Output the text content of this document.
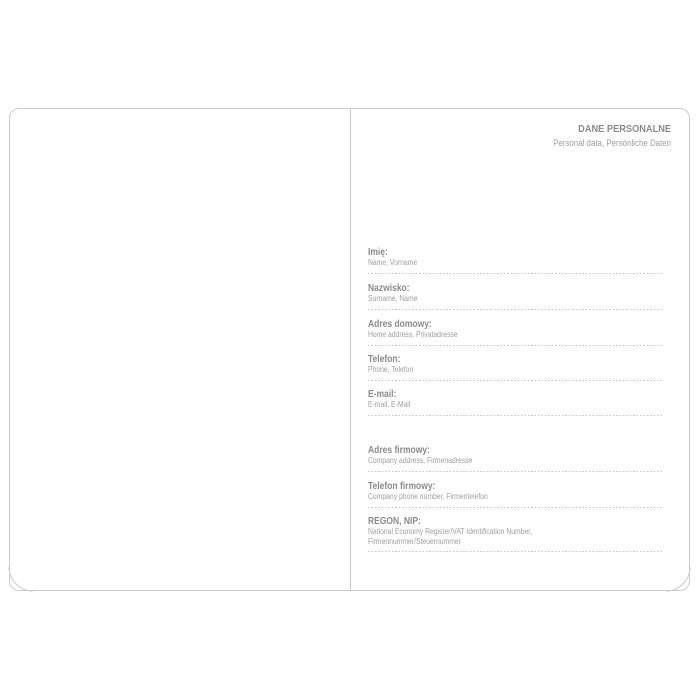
DANE PERSONALNE
Personal data, Persönliche Daten
Imię:
Name, Vorname
Nazwisko:
Surname, Name
Adres domowy:
Home address, Privatadresse
Telefon:
Phone, Telefon
E-mail:
E-mail, E-Mail
Adres firmowy:
Company address, Firmenadresse
Telefon firmowy:
Company phone number, Firmentelefon
REGON, NIP:
National Economy Register/VAT Identification Number,
Firmennummer/Steuernummer
